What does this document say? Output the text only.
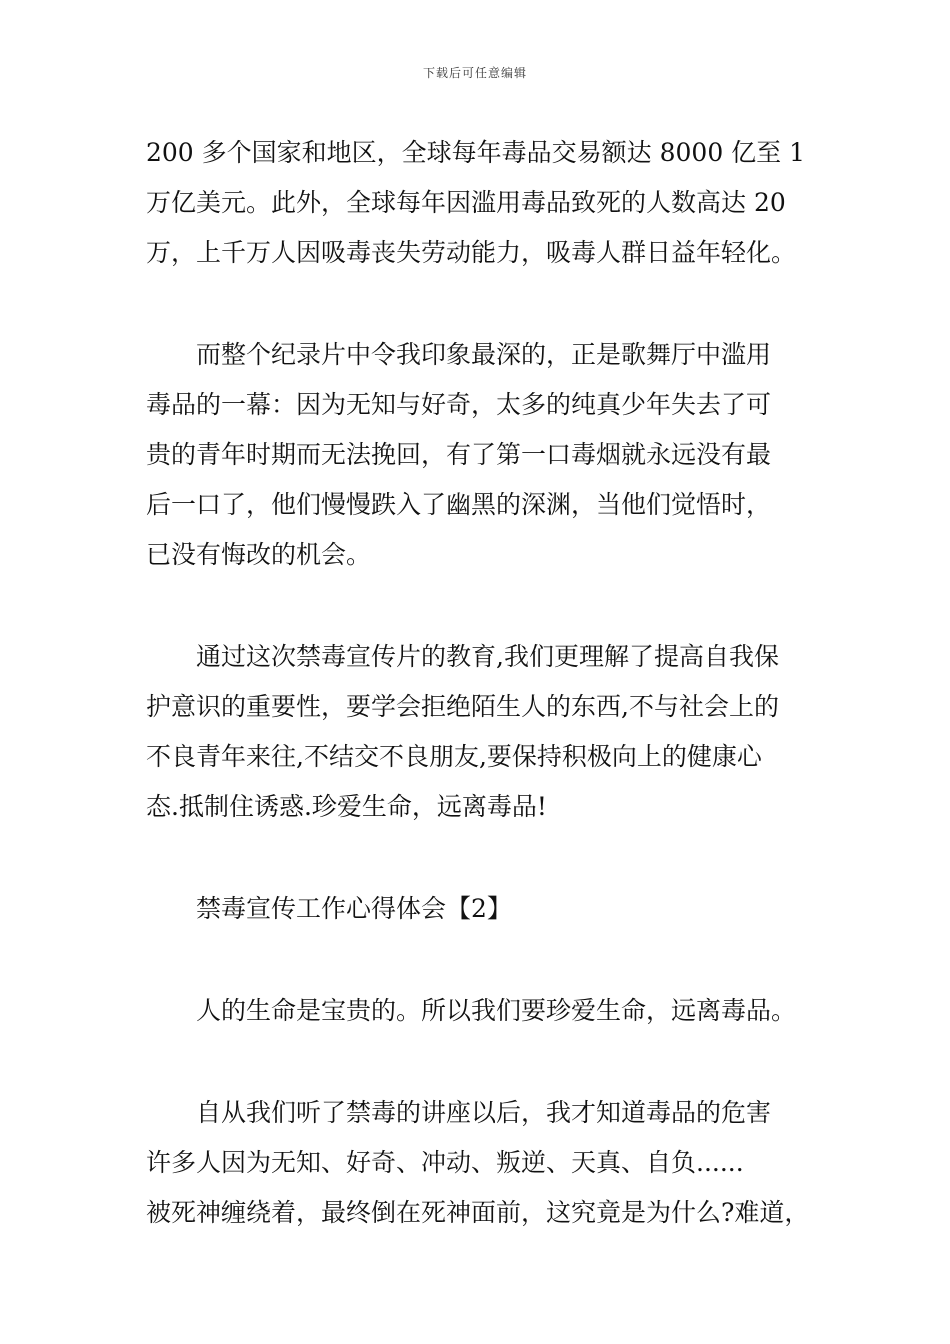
下载后可任意编辑

200 多个国家和地区，全球每年毒品交易额达 8000 亿至 1
万亿美元。此外，全球每年因滥用毒品致死的人数高达 20
万，上千万人因吸毒丧失劳动能力，吸毒人群日益年轻化。

而整个纪录片中令我印象最深的，正是歌舞厅中滥用
毒品的一幕：因为无知与好奇，太多的纯真少年失去了可
贵的青年时期而无法挽回，有了第一口毒烟就永远没有最
后一口了，他们慢慢跌入了幽黑的深渊，当他们觉悟时，
已没有悔改的机会。

通过这次禁毒宣传片的教育,我们更理解了提高自我保
护意识的重要性，要学会拒绝陌生人的东西,不与社会上的
不良青年来往,不结交不良朋友,要保持积极向上的健康心
态.抵制住诱惑.珍爱生命，远离毒品!

禁毒宣传工作心得体会【2】

人的生命是宝贵的。所以我们要珍爱生命，远离毒品。

自从我们听了禁毒的讲座以后，我才知道毒品的危害
许多人因为无知、好奇、冲动、叛逆、天真、自负......
被死神缠绕着，最终倒在死神面前，这究竟是为什么?难道，
